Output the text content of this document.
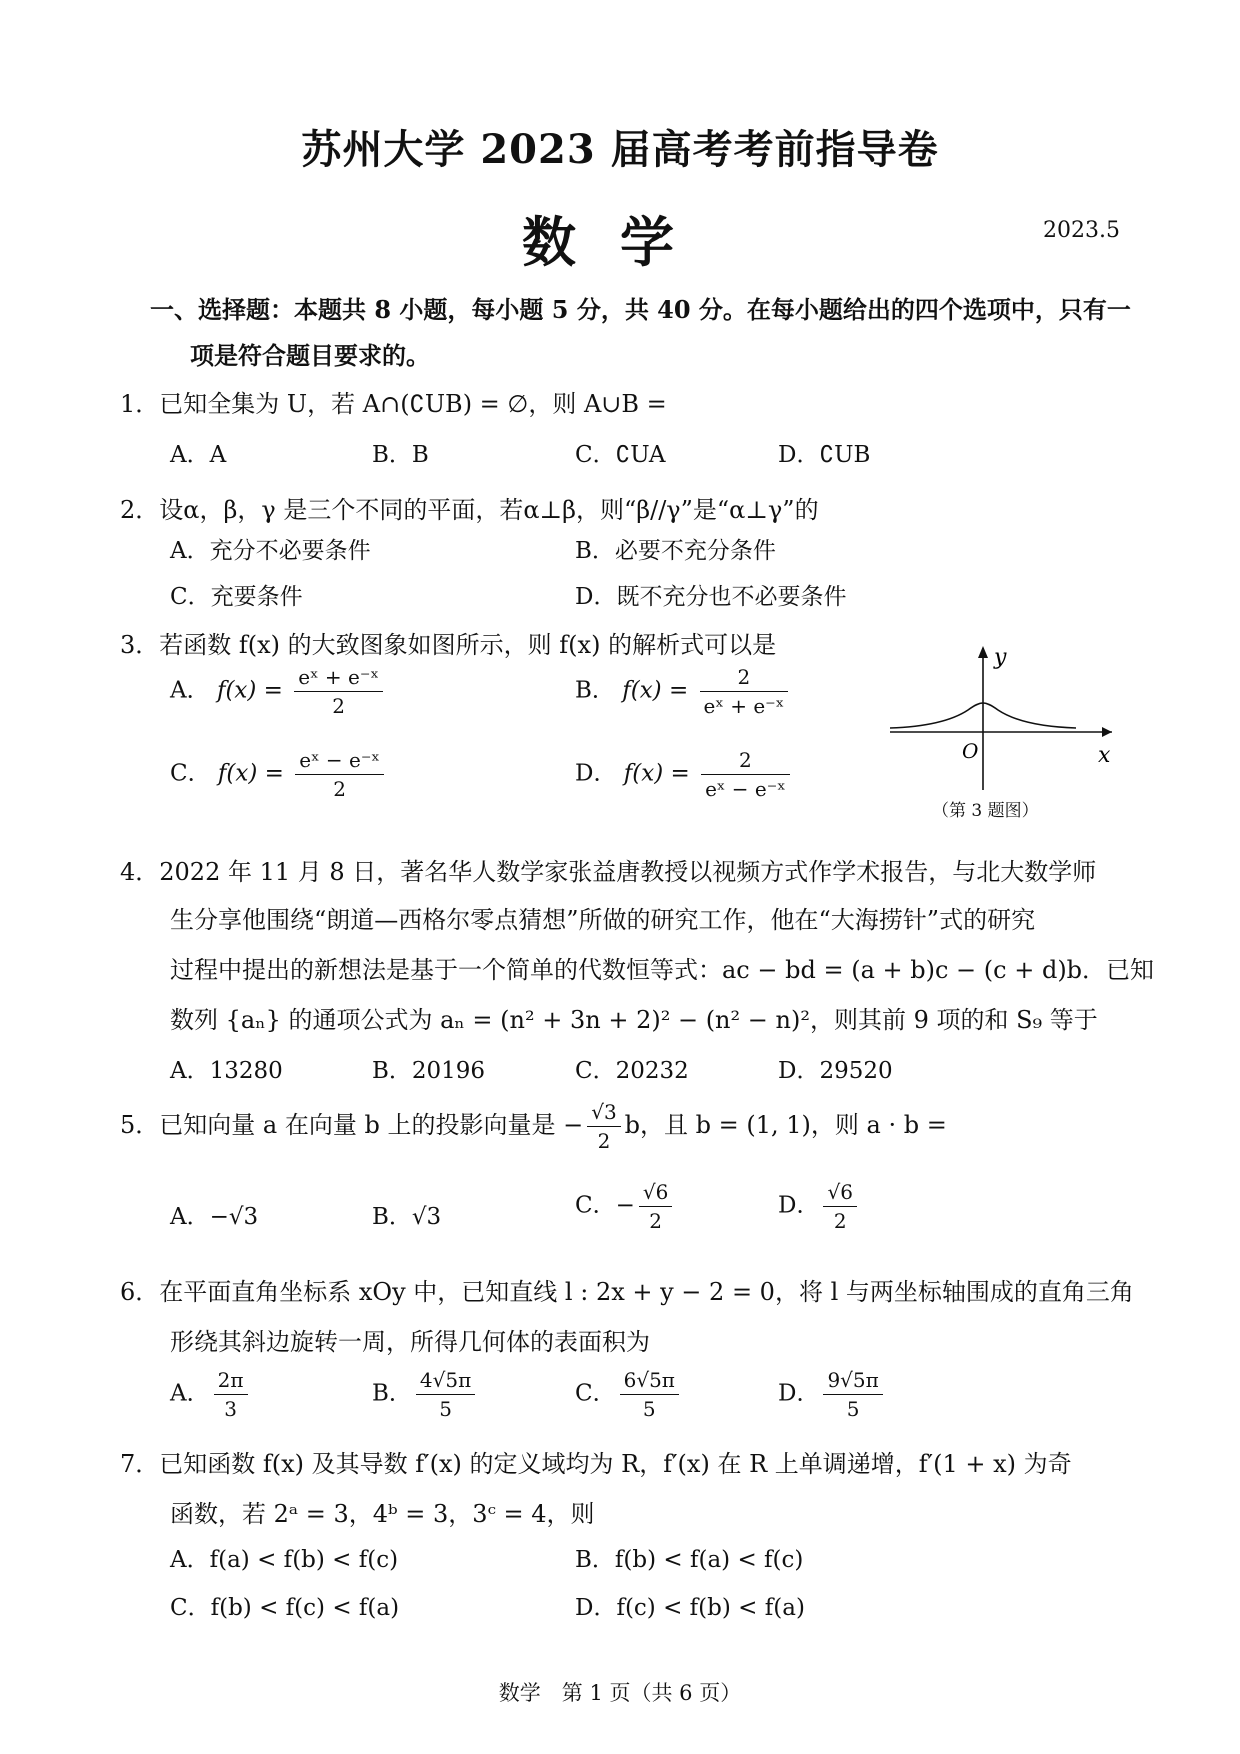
苏州大学 2023 届高考考前指导卷
数学	2023.5
一、选择题：本题共 8 小题，每小题 5 分，共 40 分。在每小题给出的四个选项中，只有一
项是符合题目要求的。
1．已知全集为 U，若 A∩(∁UB) = ∅，则 A∪B =
A．A	B．B	C．∁UA	D．∁UB
2．设α，β，γ 是三个不同的平面，若α⊥β，则“β//γ”是“α⊥γ”的
A．充分不必要条件	B．必要不充分条件
C．充要条件	D．既不充分也不必要条件
3．若函数 f(x) 的大致图象如图所示，则 f(x) 的解析式可以是
A． $f(x) = \frac{\text{eˣ + e⁻ˣ}}{2}$	B． $f(x) = \frac{2}{\text{eˣ + e⁻ˣ}}$
C． $f(x) = \frac{\text{eˣ − e⁻ˣ}}{2}$	D． $f(x) = \frac{2}{\text{eˣ − e⁻ˣ}}$
y
x
O
（第 3 题图）
4．2022 年 11 月 8 日，著名华人数学家张益唐教授以视频方式作学术报告，与北大数学师
生分享他围绕“朗道—西格尔零点猜想”所做的研究工作，他在“大海捞针”式的研究
过程中提出的新想法是基于一个简单的代数恒等式：ac − bd = (a + b)c − (c + d)b．已知
数列 {aₙ} 的通项公式为 aₙ = (n² + 3n + 2)² − (n² − n)²，则其前 9 项的和 S₉ 等于
A．13280	B．20196	C．20232	D．29520
5．已知向量 a 在向量 b 上的投影向量是 − $\frac{√3}{2}$ b，且 b = (1, 1)，则 a · b =
A．−√3	B．√3	C．− $\frac{√6}{2}$	D． $\frac{√6}{2}$
6．在平面直角坐标系 xOy 中，已知直线 l : 2x + y − 2 = 0，将 l 与两坐标轴围成的直角三角
形绕其斜边旋转一周，所得几何体的表面积为
A． $\frac{2\pi}{3}$	B． $\frac{4√5\pi}{5}$	C． $\frac{6√5\pi}{5}$	D． $\frac{9√5\pi}{5}$
7．已知函数 f(x) 及其导数 f′(x) 的定义域均为 R，f′(x) 在 R 上单调递增，f′(1 + x) 为奇
函数，若 2ᵃ = 3，4ᵇ = 3，3ᶜ = 4，则
A．f(a) < f(b) < f(c)	B．f(b) < f(a) < f(c)
C．f(b) < f(c) < f(a)	D．f(c) < f(b) < f(a)
数学　第 1 页（共 6 页）
